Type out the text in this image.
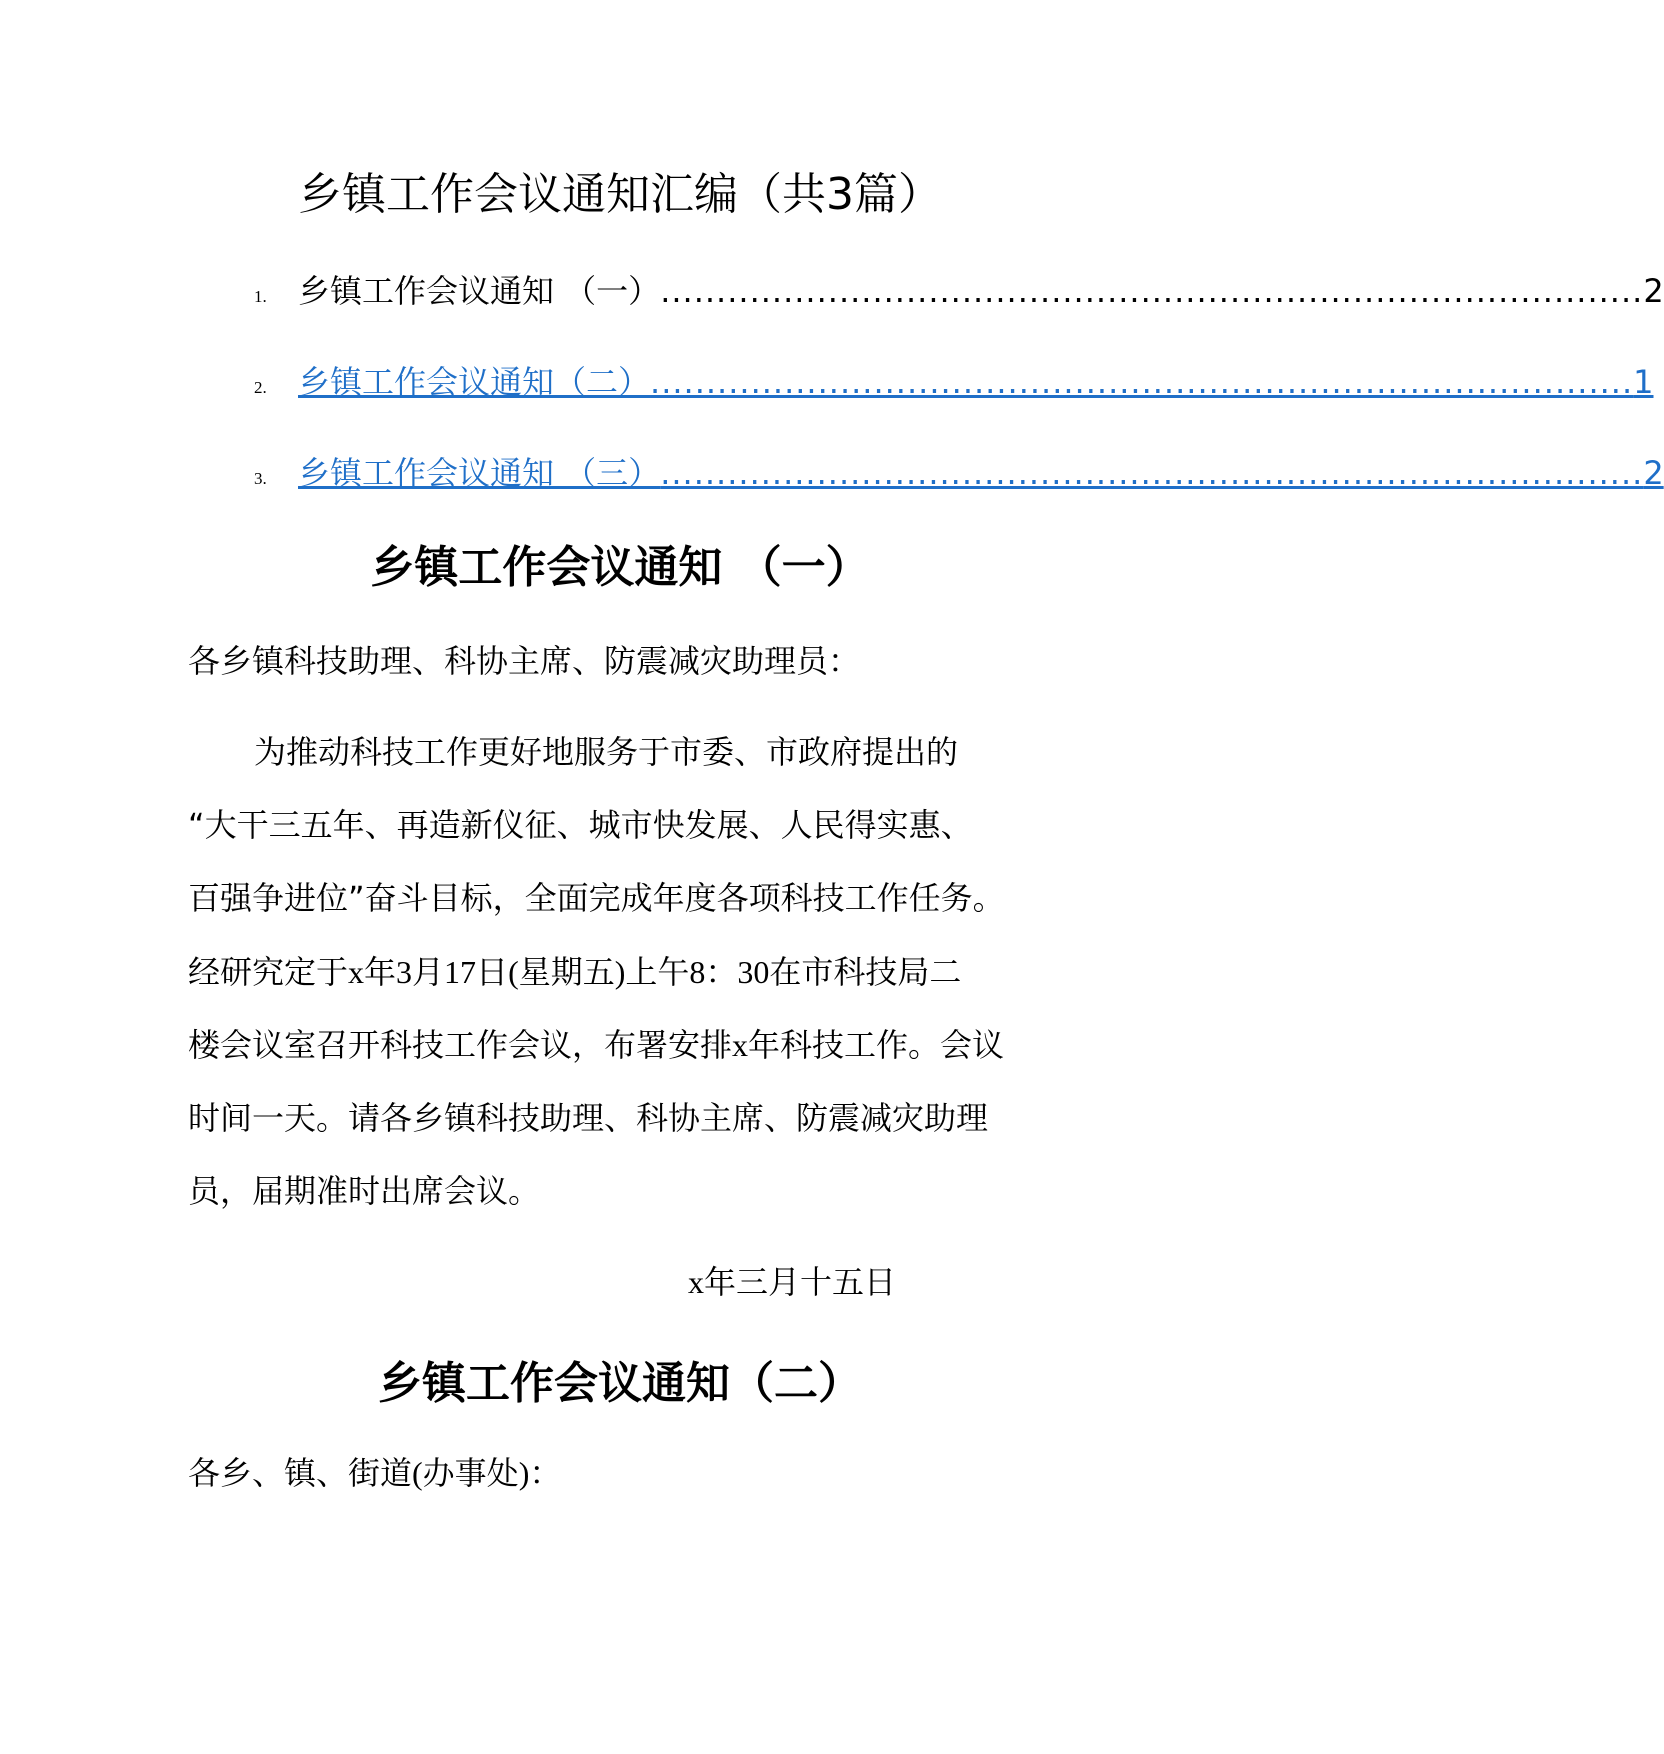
乡镇工作会议通知汇编（共3篇）
1. 乡镇工作会议通知 （一） ........................................................................................ 2
2. 乡镇工作会议通知（二） ........................................................................................ 1
3. 乡镇工作会议通知 （三） ........................................................................................ 2
乡镇工作会议通知 （一）
各乡镇科技助理、科协主席、防震减灾助理员：
为推动科技工作更好地服务于市委、市政府提出的
“大干三五年、再造新仪征、城市快发展、人民得实惠、
百强争进位”奋斗目标，全面完成年度各项科技工作任务。
经研究定于x年3月17日(星期五)上午8：30在市科技局二
楼会议室召开科技工作会议，布署安排x年科技工作。会议
时间一天。请各乡镇科技助理、科协主席、防震减灾助理
员，届期准时出席会议。
x年三月十五日
乡镇工作会议通知（二）
各乡、镇、街道(办事处)：
